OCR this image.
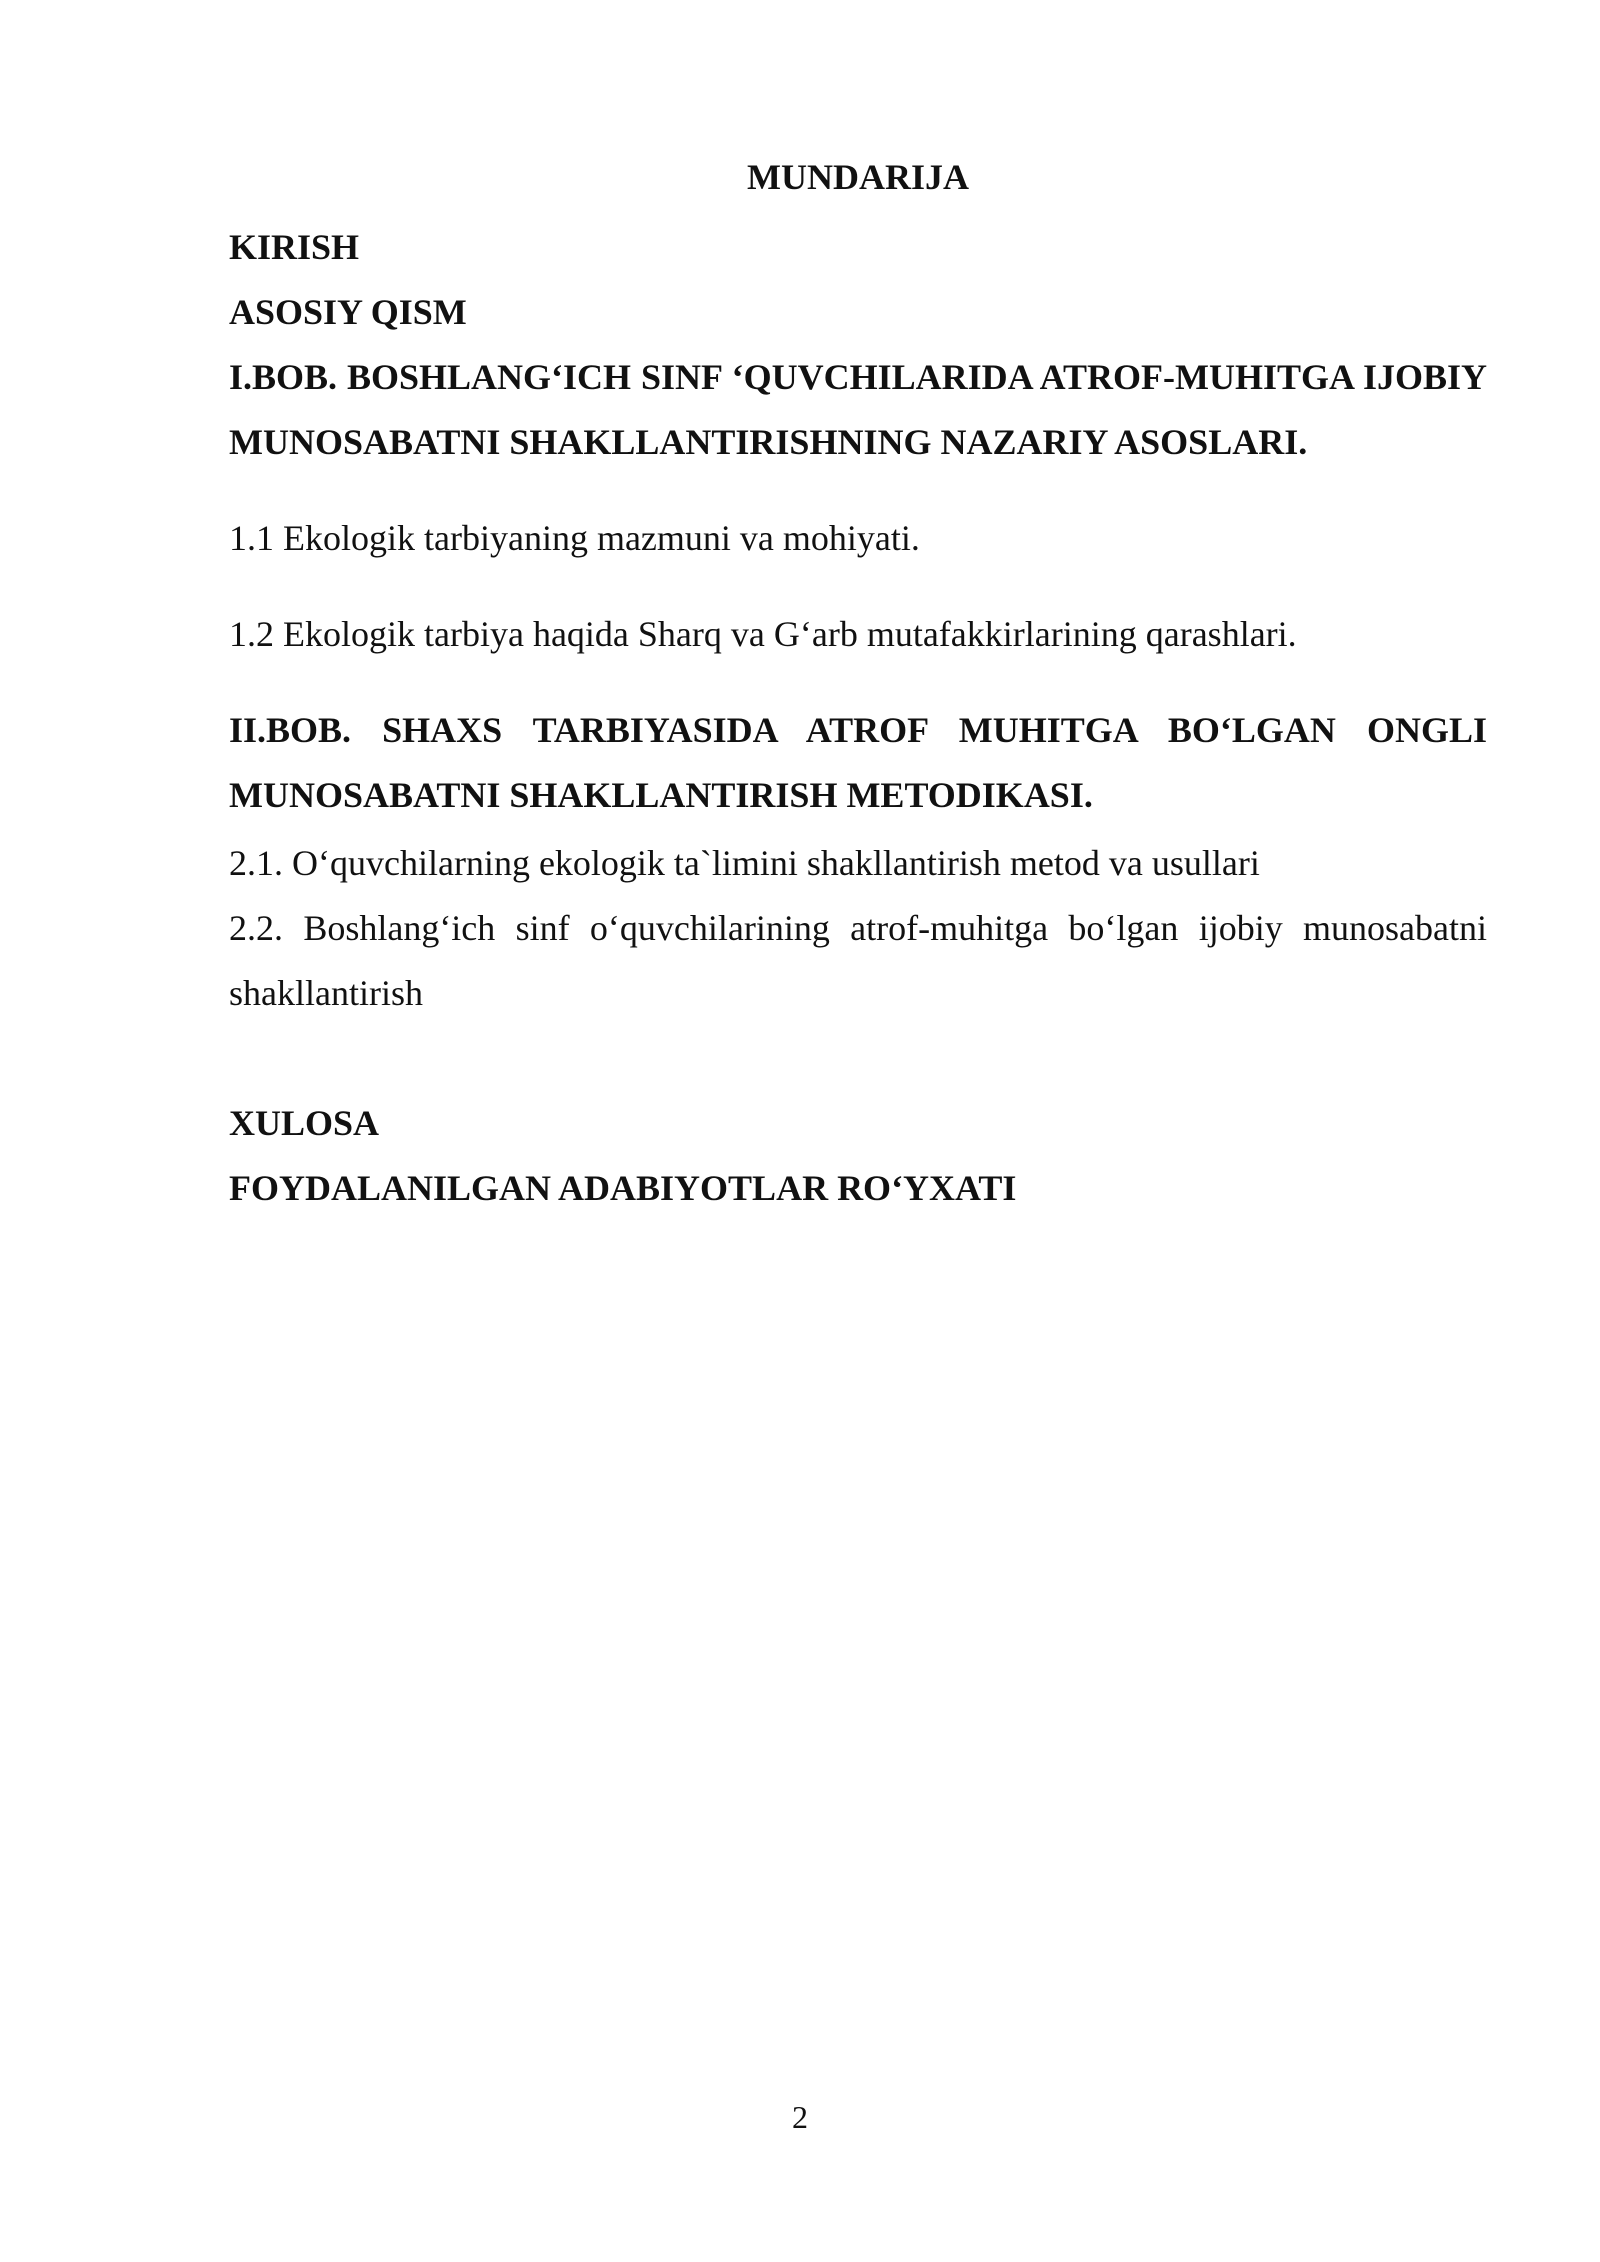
MUNDARIJA

KIRISH

ASOSIY QISM

I.BOB. BOSHLANG‘ICH SINF ‘QUVCHILARIDA ATROF-MUHITGA IJOBIY MUNOSABATNI SHAKLLANTIRISHNING NAZARIY ASOSLARI.

1.1 Ekologik tarbiyaning mazmuni va mohiyati.

1.2 Ekologik tarbiya haqida Sharq va G‘arb mutafakkirlarining qarashlari.

II.BOB. SHAXS TARBIYASIDA ATROF MUHITGA BO‘LGAN ONGLI MUNOSABATNI SHAKLLANTIRISH METODIKASI.

2.1. O‘quvchilarning ekologik ta`limini shakllantirish metod va usullari

2.2. Boshlang‘ich sinf o‘quvchilarining atrof-muhitga bo‘lgan ijobiy munosabatni shakllantirish

XULOSA

FOYDALANILGAN ADABIYOTLAR RO‘YXATI

2
